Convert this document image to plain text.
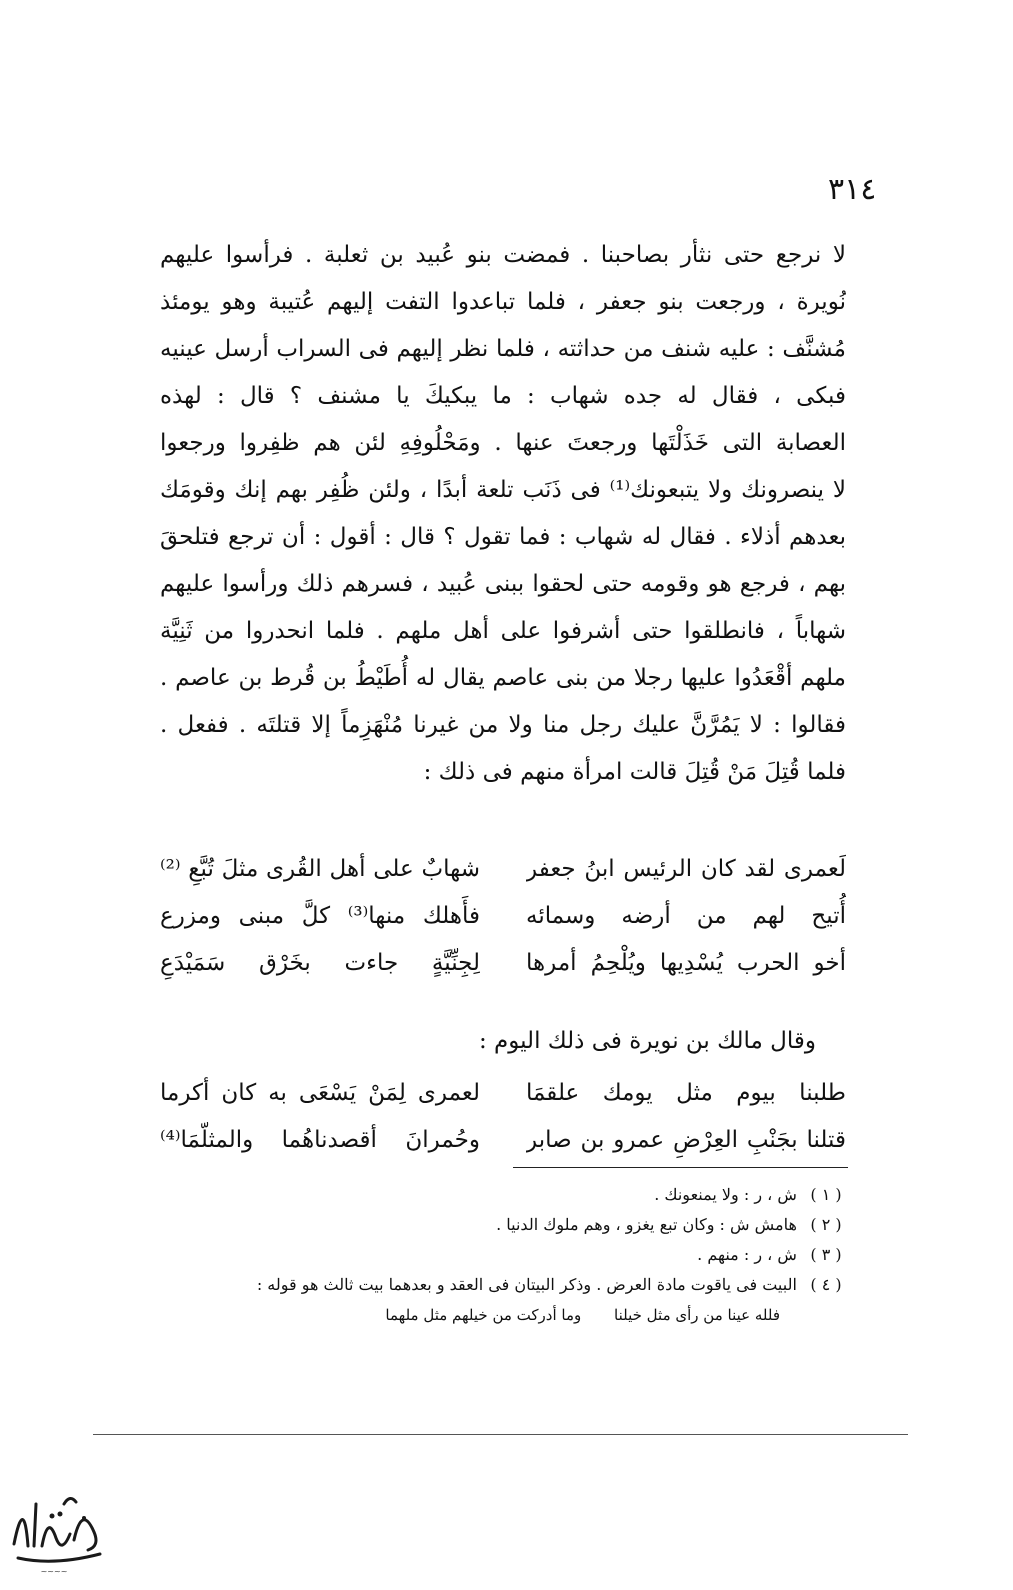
٣١٤
لا نرجع حتى نثأر بصاحبنا . فمضت بنو عُبيد بن ثعلبة . فرأسوا عليهم
نُويرة ، ورجعت بنو جعفر ، فلما تباعدوا التفت إليهم عُتيبة وهو يومئذ
مُشنَّف : عليه شنف من حداثته ، فلما نظر إليهم فى السراب أرسل عينيه
فبكى ، فقال له جده شهاب : ما يبكيكَ يا مشنف ؟ قال : لهذه
العصابة التى خَذَلْتَها ورجعتَ عنها . ومَحْلُوفِهِ لئن هم ظفِروا ورجعوا
لا ينصرونك ولا يتبعونك⁽¹⁾ فى ذَنَب تلعة أبدًا ، ولئن ظُفِر بهم إنك وقومَك
بعدهم أذلاء . فقال له شهاب : فما تقول ؟ قال : أقول : أن ترجع فتلحقَ
بهم ، فرجع هو وقومه حتى لحقوا ببنى عُبيد ، فسرهم ذلك ورأسوا عليهم
شهاباً ، فانطلقوا حتى أشرفوا على أهل ملهم . فلما انحدروا من ثَنِيَّة
ملهم أقْعَدُوا عليها رجلا من بنى عاصم يقال له أُطَيْطُ بن قُرط بن عاصم .
فقالوا : لا يَمُرَّنَّ عليك رجل منا ولا من غيرنا مُنْهَزِماً إلا قتلتَه . ففعل .
فلما قُتِلَ مَنْ قُتِلَ قالت امرأة منهم فى ذلك :
لَعمرى لقد كان الرئيس ابنُ جعفر
شهابٌ على أهل القُرى مثلَ تُبَّعِ ⁽²⁾
أُتيح لهم من أرضه وسمائه
فأَهلك منها⁽³⁾ كلَّ مبنى ومزرع
أخو الحرب يُسْدِيها ويُلْحِمُ أمرها
لِجِنِّيَّةٍ جاءت بخَرْق سَمَيْدَعِ
وقال مالك بن نويرة فى ذلك اليوم :
طلبنا بيوم مثل يومك علقمَا
لعمرى لِمَنْ يَسْعَى به كان أكرما
قتلنا بجَنْبِ العِرْضِ عمرو بن صابر
وحُمرانَ أقصدناهُما والمثلّمَا⁽⁴⁾
( ١ ) ش ، ر : ولا يمنعونك .
( ٢ ) هامش ش : وكان تبع يغزو ، وهم ملوك الدنيا .
( ٣ ) ش ، ر : منهم .
( ٤ ) البيت فى ياقوت مادة العرض . وذكر البيتان فى العقد و بعدهما بيت ثالث هو قوله :
فلله عينا من رأى مثل خيلنا وما أدركت من خيلهم مثل ملهما
~~~~
